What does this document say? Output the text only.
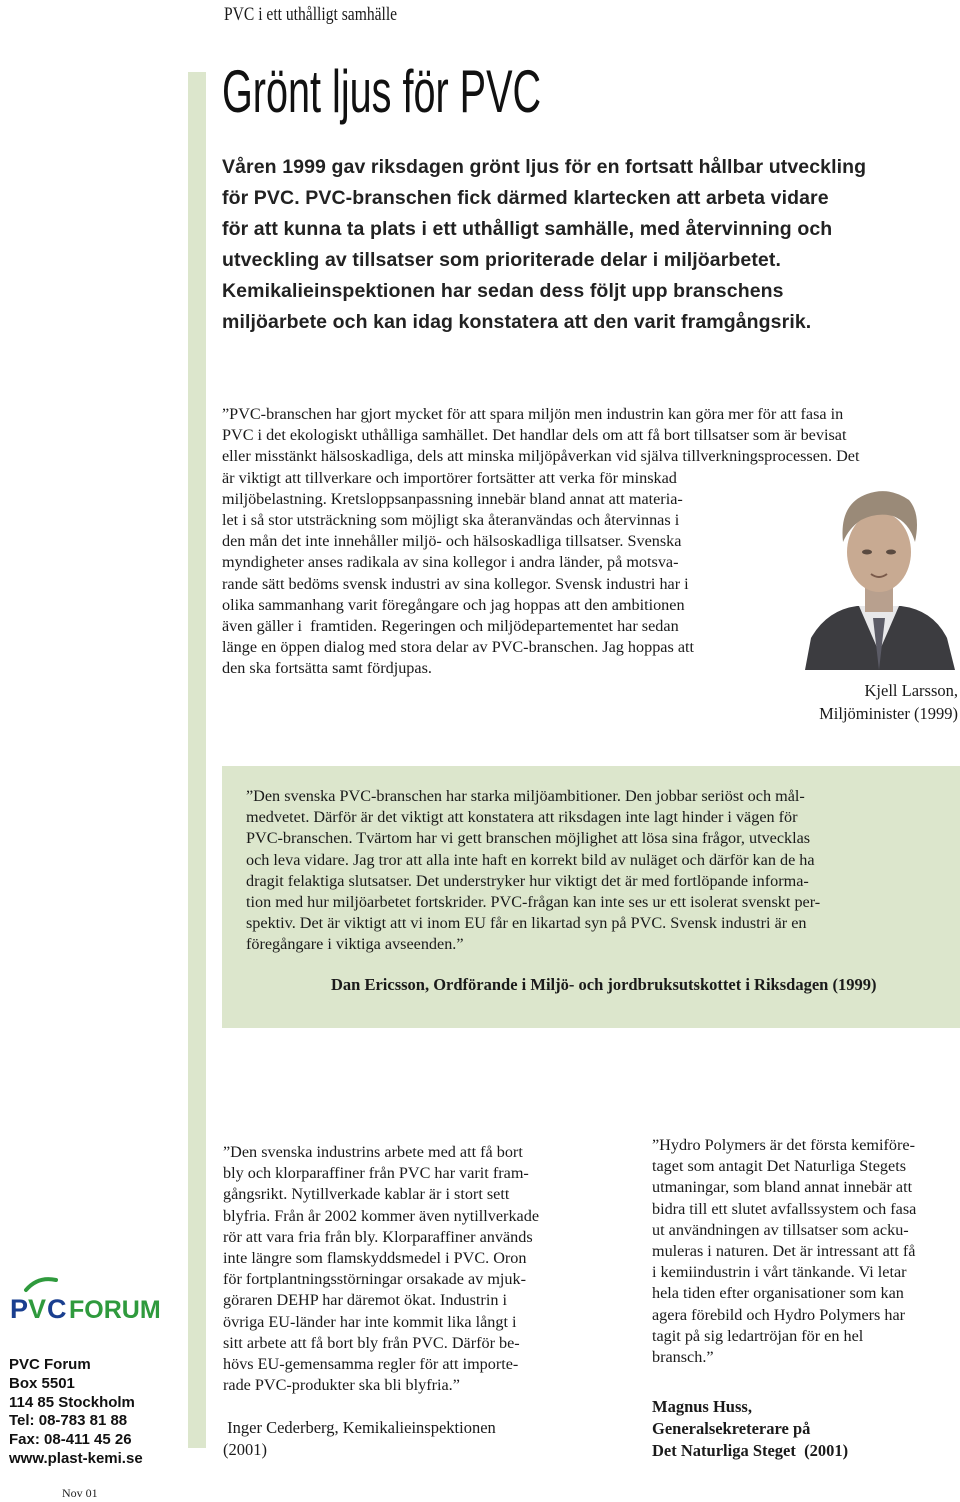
PVC i ett uthålligt samhälle
Grönt ljus för PVC
Våren 1999 gav riksdagen grönt ljus för en fortsatt hållbar utveckling
för PVC. PVC-branschen fick därmed klartecken att arbeta vidare
för att kunna ta plats i ett uthålligt samhälle, med återvinning och
utveckling av tillsatser som prioriterade delar i miljöarbetet.
Kemikalieinspektionen har sedan dess följt upp branschens
miljöarbete och kan idag konstatera att den varit framgångsrik.
”PVC-branschen har gjort mycket för att spara miljön men industrin kan göra mer för att fasa in
PVC i det ekologiskt uthålliga samhället. Det handlar dels om att få bort tillsatser som är bevisat
eller misstänkt hälsoskadliga, dels att minska miljöpåverkan vid själva tillverkningsprocessen. Det
är viktigt att tillverkare och importörer fortsätter att verka för minskad
miljöbelastning. Kretsloppsanpassning innebär bland annat att materia-
let i så stor utsträckning som möjligt ska återanvändas och återvinnas i
den mån det inte innehåller miljö- och hälsoskadliga tillsatser. Svenska
myndigheter anses radikala av sina kollegor i andra länder, på motsva-
rande sätt bedöms svensk industri av sina kollegor. Svensk industri har i
olika sammanhang varit föregångare och jag hoppas att den ambitionen
även gäller i  framtiden. Regeringen och miljödepartementet har sedan
länge en öppen dialog med stora delar av PVC-branschen. Jag hoppas att
den ska fortsätta samt fördjupas.
Kjell Larsson,
Miljöminister (1999)
”Den svenska PVC-branschen har starka miljöambitioner. Den jobbar seriöst och mål-
medvetet. Därför är det viktigt att konstatera att riksdagen inte lagt hinder i vägen för
PVC-branschen. Tvärtom har vi gett branschen möjlighet att lösa sina frågor, utvecklas
och leva vidare. Jag tror att alla inte haft en korrekt bild av nuläget och därför kan de ha
dragit felaktiga slutsatser. Det understryker hur viktigt det är med fortlöpande informa-
tion med hur miljöarbetet fortskrider. PVC-frågan kan inte ses ur ett isolerat svenskt per-
spektiv. Det är viktigt att vi inom EU får en likartad syn på PVC. Svensk industri är en
föregångare i viktiga avseenden.”
Dan Ericsson, Ordförande i Miljö- och jordbruksutskottet i Riksdagen (1999)
”Den svenska industrins arbete med att få bort
bly och klorparaffiner från PVC har varit fram-
gångsrikt. Nytillverkade kablar är i stort sett
blyfria. Från år 2002 kommer även nytillverkade
rör att vara fria från bly. Klorparaffiner används
inte längre som flamskyddsmedel i PVC. Oron
för fortplantningsstörningar orsakade av mjuk-
göraren DEHP har däremot ökat. Industrin i
övriga EU-länder har inte kommit lika långt i
sitt arbete att få bort bly från PVC. Därför be-
hövs EU-gemensamma regler för att importe-
rade PVC-produkter ska bli blyfria.”
Inger Cederberg, Kemikalieinspektionen
(2001)
”Hydro Polymers är det första kemiföre-
taget som antagit Det Naturliga Stegets
utmaningar, som bland annat innebär att
bidra till ett slutet avfallssystem och fasa
ut användningen av tillsatser som acku-
muleras i naturen. Det är intressant att få
i kemiindustrin i vårt tänkande. Vi letar
hela tiden efter organisationer som kan
agera förebild och Hydro Polymers har
tagit på sig ledartröjan för en hel
bransch.”
Magnus Huss,
Generalsekreterare på
Det Naturliga Steget  (2001)
P V C FORUM
PVC Forum
Box 5501
114 85 Stockholm
Tel: 08-783 81 88
Fax: 08-411 45 26
www.plast-kemi.se
Nov 01
